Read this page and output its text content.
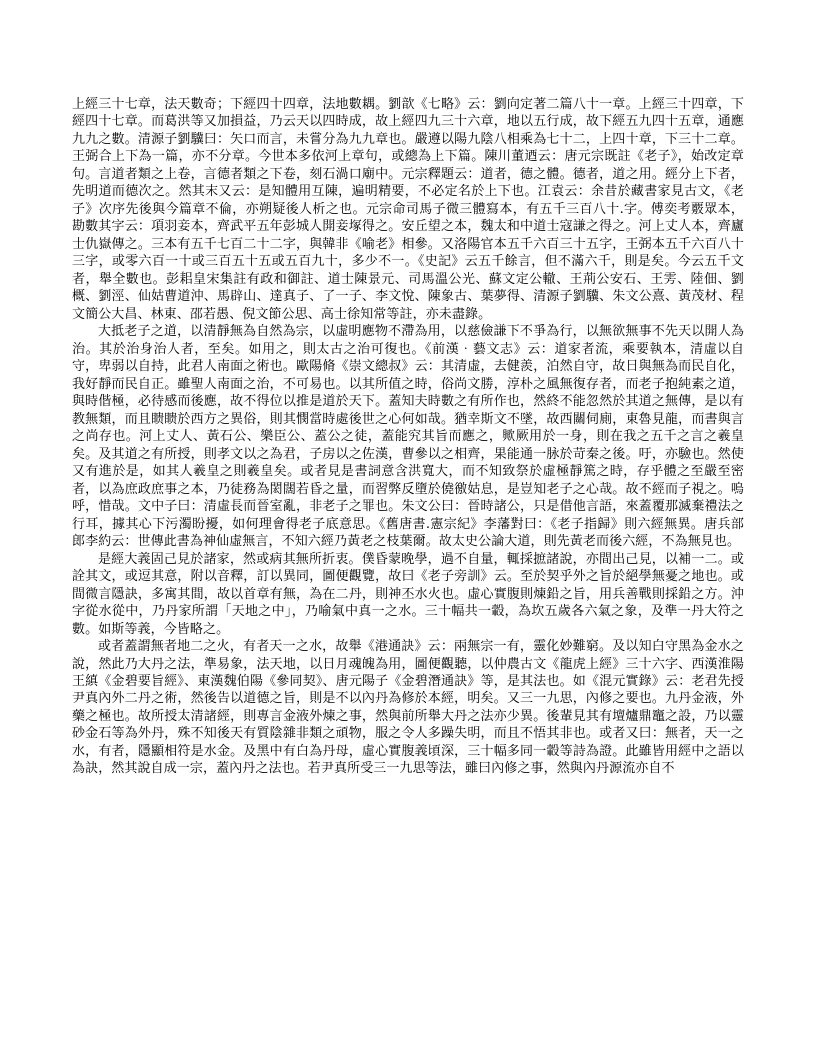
上經三十七章，法天數奇；下經四十四章，法地數耦。劉歆《七略》云：劉向定著二篇八十一章。上經三十四章，下經四十七章。而葛洪等又加損益，乃云天以四時成，故上經四九三十六章，地以五行成，故下經五九四十五章，通應九九之數。清源子劉驥曰：矢口而言，未嘗分為九九章也。嚴遵以陽九陰八相乘為七十二，上四十章，下三十二章。王弼合上下為一篇，亦不分章。今世本多依河上章句，或總為上下篇。陳川董迺云：唐元宗既註《老子》，始改定章句。言道者類之上卷，言德者類之下卷，刻石渦口廟中。元宗釋題云：道者，德之體。德者，道之用。經分上下者，先明道而德次之。然其末又云：是知體用互陳，遍明精要，不必定名於上下也。江袁云：余昔於藏書家見古文，《老子》次序先後與今篇章不倫，亦朔疑後人析之也。元宗命司馬子微三體寫本，有五千三百八十.字。傅奕考覈眾本，勘數其字云：項羽妾本，齊武平五年彭城人開妾塚得之。安丘望之本，魏太和中道士寇謙之得之。河上丈人本，齊廬士仇嶽傳之。三本有五千七百二十二字，與韓非《喻老》相參。又洛陽官本五千六百三十五字，王弼本五千六百八十三字，或零六百一十或三百五十五或五百九十，多少不一。《史記》云五千餘言，但不滿六千，則是矣。今云五千文者，舉全數也。彭耜皇宋集註有政和御註、道士陳景元、司馬溫公光、蘇文定公轍、王荊公安石、王雱、陸佃、劉概、劉涇、仙姑曹道沖、馬辟山、達真子、了一子、李文悅、陳象古、葉夢得、清源子劉驥、朱文公熹、黃茂材、程文簡公大昌、林東、邵若愚、倪文節公思、高士徐知常等註，亦未盡錄。

大抵老子之道，以清靜無為自然為宗，以虛明應物不滯為用，以慈儉謙下不爭為行，以無欲無事不先天以開人為治。其於治身治人者，至矣。如用之，則太古之治可復也。《前漢‧藝文志》云：道家者流，乘要執本，清虛以自守，卑弱以自持，此君人南面之術也。歐陽脩《崇文總叔》云：其清虛，去健羨，泊然自守，故日與無為而民自化，我好靜而民自正。雖聖人南面之治，不可易也。以其所值之時，俗尚文勝，淳朴之風無復存者，而老子抱純素之道，與時偕極，必待感而後應，故不得位以推是道於天下。蓋知夫時數之有所作也，然終不能忽然於其道之無傳，是以有教無類，而且瞆瞆於西方之異俗，則其憫當時處後世之心何如哉。猶幸斯文不墜，故西關伺廁，東魯見龍，而書與言之尚存也。河上丈人、黃石公、樂臣公、蓋公之徒，蓋能究其旨而應之，歟厥用於一身，則在我之五千之言之羲皇矣。及其道之有所授，則孝文以之為君，子房以之佐漢，曹參以之相齊，果能通一脉於苛秦之後。吁，亦驗也。然使又有進於是，如其人羲皇之則羲皇矣。或者見是書詞意含洪寬大，而不知致祭於虛極靜篤之時，存乎體之至嚴至密者，以為庶政庶事之本，乃徒務為閎闊若昏之量，而習弊反墮於僥徼姑息，是豈知老子之心哉。故不經而子視之。嗚呼，惜哉。文中子曰：清虛長而晉室亂，非老子之罪也。朱文公曰：晉時諸公，只是借他言語，來蓋覆那滅棄禮法之行耳，據其心下污濁盼擾，如何理會得老子底意思。《舊唐書.憲宗紀》李藩對曰：《老子指歸》則六經無異。唐兵部郎李約云：世傳此書為神仙虛無言，不知六經乃黃老之枝葉爾。故太史公論大道，則先黃老而後六經，不為無見也。

是經大義固己見於諸家，然或病其無所折衷。僕昏蒙晚學，過不自量，輒採摭諸說，亦間出己見，以補一二。或詮其文，或逗其意，附以音釋，訂以異同，圖便觀覽，故曰《老子旁訓》云。至於契乎外之旨於絕學無憂之地也。或間微言隱訣，多寓其間，故以首章有無，為在二丹，則神丕水火也。虛心實腹則煉鉛之旨，用兵善戰則採鉛之方。沖字從水從中，乃丹家所謂「天地之中」，乃喻氣中真一之水。三十幅共一轂，為坎五歲各六氣之象，及準一丹大符之數。如斯等義，今皆略之。

或者蓋謂無者地二之火，有者天一之水，故舉《港通訣》云：兩無宗一有，靈化妙難窮。及以知白守黑為金水之說，然此乃大丹之法，準易象，法天地，以日月魂魄為用，圖便觀聽，以仲農古文《龍虎上經》三十六字、西漢淮陽王縝《金碧要旨經》、東漢魏伯陽《參同契》、唐元陽子《金碧潛通訣》等，是其法也。如《混元實錄》云：老君先授尹真內外二丹之術，然後告以道德之旨，則是不以內丹為修於本經，明矣。又三一九思，內修之要也。九丹金液，外藥之極也。故所授太清諸經，則專言金液外煉之事，然與前所舉大丹之法亦少異。後輩見其有壇爐鼎竈之設，乃以靈砂金石等為外丹，殊不知後天有質陰雜非類之頑物，服之令人多躁失明，而且不悟其非也。或者又曰：無者，天一之水，有者，隱顯相符是水金。及黑中有白為丹母，虛心實腹義頃深，三十幅多同一轂等詩為證。此雖皆用經中之語以為訣，然其說自成一宗，蓋內丹之法也。若尹真所受三一九思等法，雖曰內修之事，然與內丹源流亦自不
